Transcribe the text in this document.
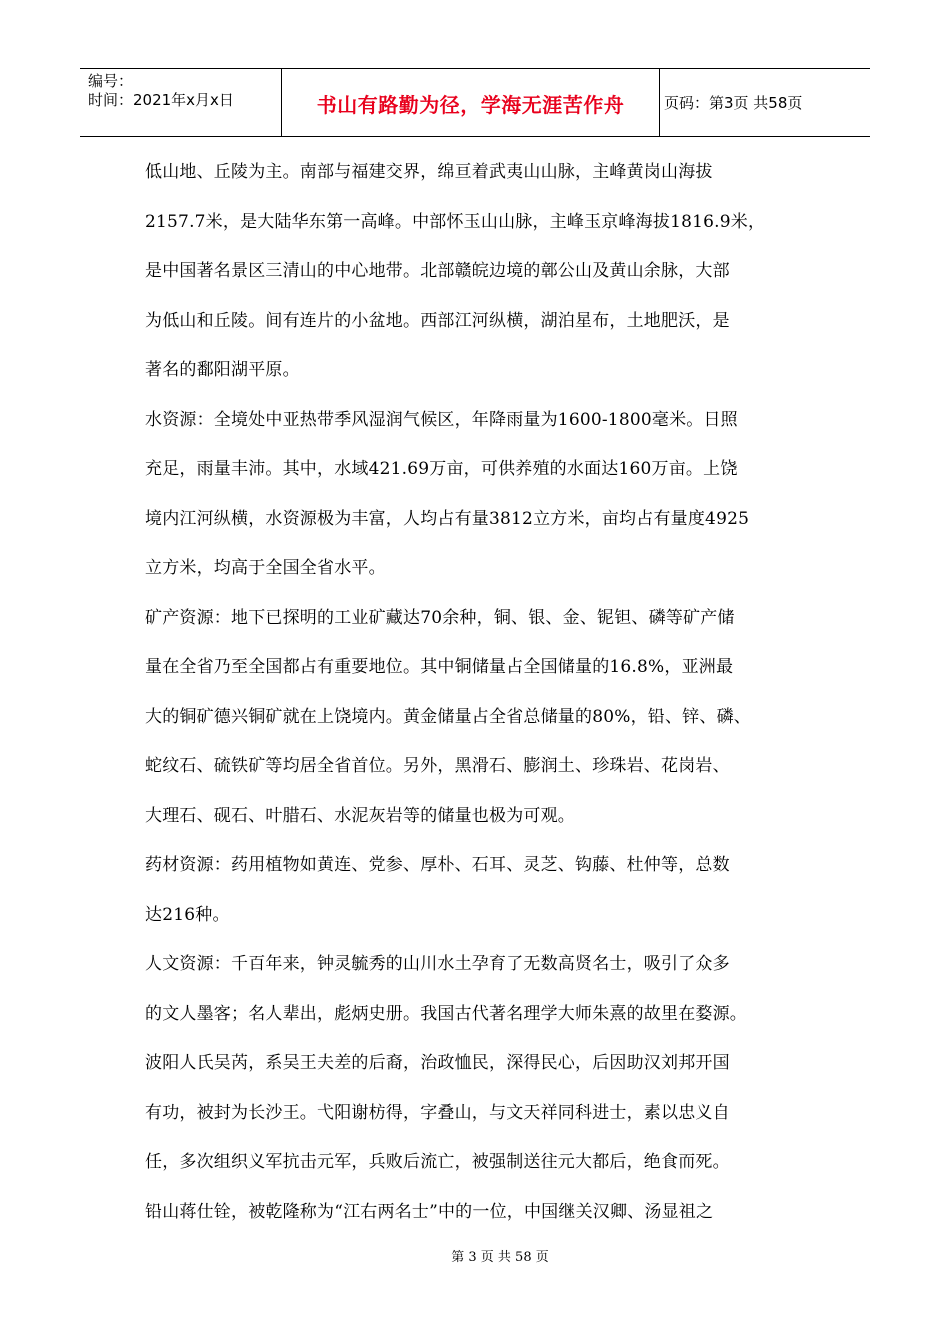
编号：
时间：2021年x月x日	书山有路勤为径，学海无涯苦作舟	页码：第3页 共58页
低山地、丘陵为主。南部与福建交界，绵亘着武夷山山脉，主峰黄岗山海拔
2157.7米，是大陆华东第一高峰。中部怀玉山山脉，主峰玉京峰海拔1816.9米，
是中国著名景区三清山的中心地带。北部赣皖边境的鄣公山及黄山余脉，大部
为低山和丘陵。间有连片的小盆地。西部江河纵横，湖泊星布，土地肥沃，是
著名的鄱阳湖平原。
水资源：全境处中亚热带季风湿润气候区，年降雨量为1600-1800毫米。日照
充足，雨量丰沛。其中，水域421.69万亩，可供养殖的水面达160万亩。上饶
境内江河纵横，水资源极为丰富，人均占有量3812立方米，亩均占有量度4925
立方米，均高于全国全省水平。
矿产资源：地下已探明的工业矿藏达70余种，铜、银、金、铌钽、磷等矿产储
量在全省乃至全国都占有重要地位。其中铜储量占全国储量的16.8%，亚洲最
大的铜矿德兴铜矿就在上饶境内。黄金储量占全省总储量的80%，铅、锌、磷、
蛇纹石、硫铁矿等均居全省首位。另外，黑滑石、膨润土、珍珠岩、花岗岩、
大理石、砚石、叶腊石、水泥灰岩等的储量也极为可观。
药材资源：药用植物如黄连、党参、厚朴、石耳、灵芝、钩藤、杜仲等，总数
达216种。
人文资源：千百年来，钟灵毓秀的山川水土孕育了无数高贤名士，吸引了众多
的文人墨客；名人辈出，彪炳史册。我国古代著名理学大师朱熹的故里在婺源。
波阳人氏吴芮，系吴王夫差的后裔，治政恤民，深得民心，后因助汉刘邦开国
有功，被封为长沙王。弋阳谢枋得，字叠山，与文天祥同科进士，素以忠义自
任，多次组织义军抗击元军，兵败后流亡，被强制送往元大都后，绝食而死。
铅山蒋仕铨，被乾隆称为“江右两名士”中的一位，中国继关汉卿、汤显祖之
第 3 页 共 58 页
